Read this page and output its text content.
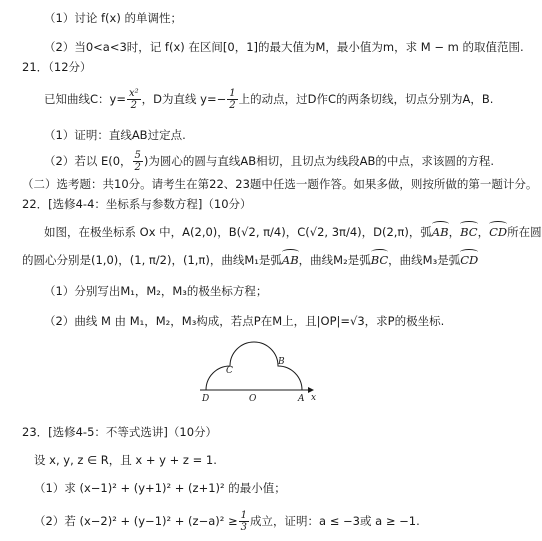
（1）讨论 f(x) 的单调性；
（2）当0<a<3时，记 f(x) 在区间[0，1]的最大值为M，最小值为m，求 M − m 的取值范围.
21．（12分）
已知曲线C：$y= \frac{\text{x²}}{2}$ ，D为直线 $y=- \frac{1}{2}$ 上的动点，过D作C的两条切线，切点分别为A，B.
（1）证明：直线AB过定点.
（2）若以 E(0， $\frac{5}{2}$ )为圆心的圆与直线AB相切，且切点为线段AB的中点，求该圆的方程.
（二）选考题：共10分。请考生在第22、23题中任选一题作答。如果多做，则按所做的第一题计分。
22．[选修4-4：坐标系与参数方程]（10分）
如图，在极坐标系 Ox 中，A(2,0)，B(√2, π/4)，C(√2, 3π/4)，D(2,π)，弧AB，BC，CD所在圆
的圆心分别是(1,0)，(1, π/2)，(1,π)，曲线M₁是弧AB，曲线M₂是弧BC，曲线M₃是弧CD
（1）分别写出M₁，M₂，M₃的极坐标方程；
（2）曲线 M 由 M₁，M₂，M₃构成，若点P在M上，且|OP|=√3，求P的极坐标.
C
B
D	O	A x
23．[选修4-5：不等式选讲]（10分）
设 x, y, z ∈ R，且 x + y + z = 1.
（1）求 (x−1)² + (y+1)² + (z+1)² 的最小值；
（2）若 $(x-2)^2 + (y-1)^2 + (z-a)^2 \ge \frac{1}{3}$ 成立，证明：a ≤ −3或 a ≥ −1.
